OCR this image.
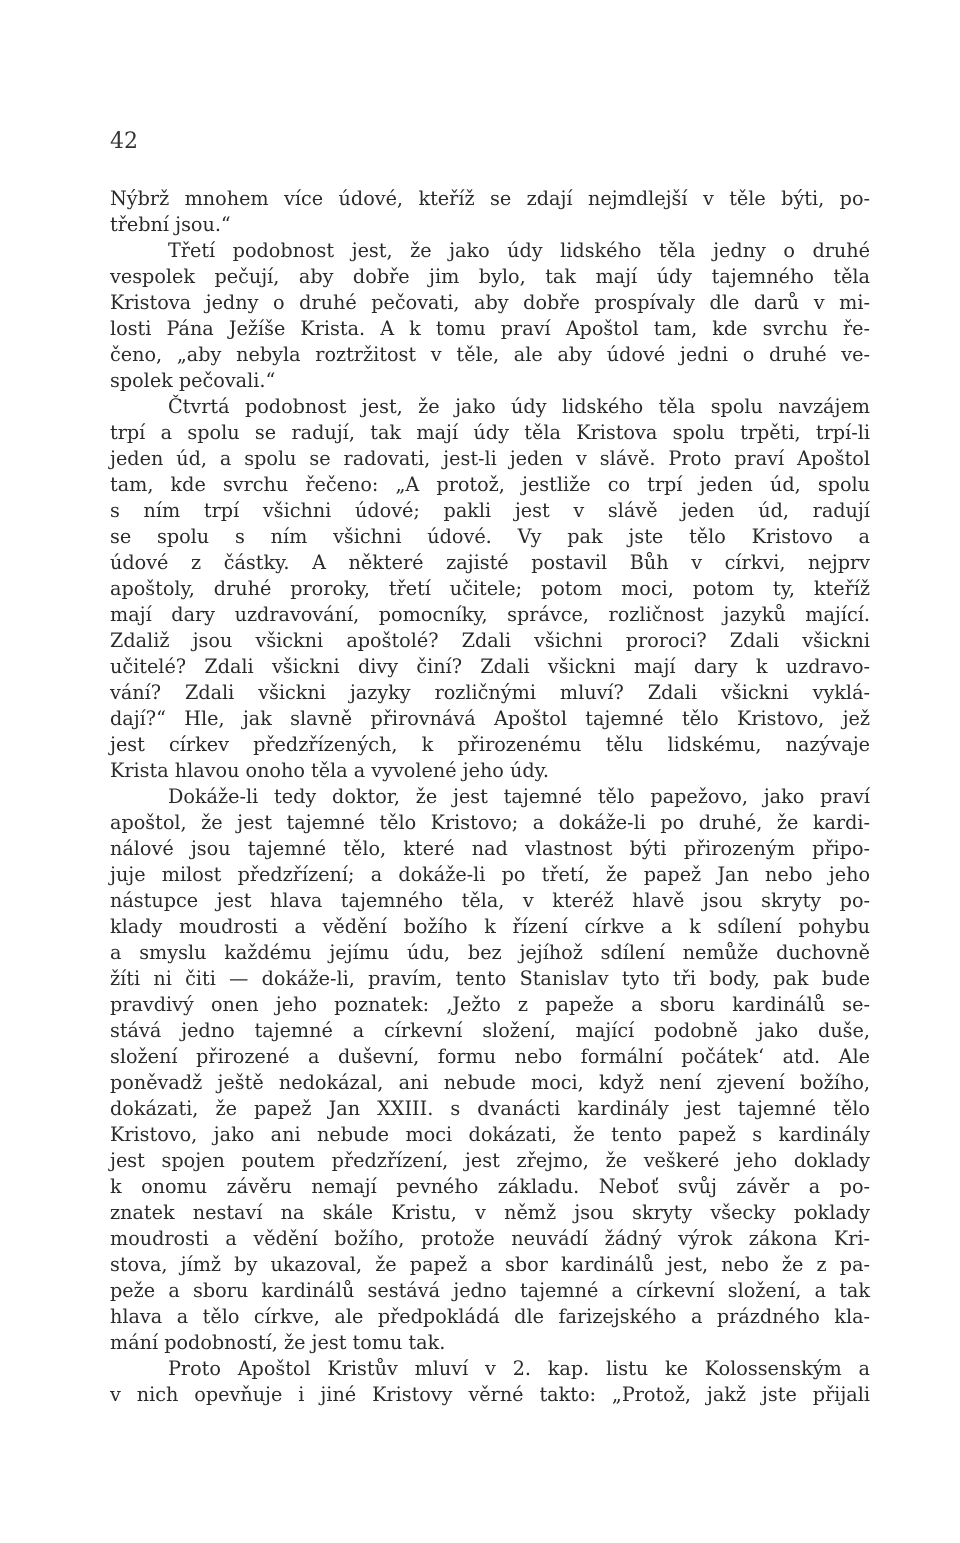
42
Nýbrž mnohem více údové, kteříž se zdají nejmdlejší v těle býti, po-
třební jsou.“
Třetí podobnost jest, že jako údy lidského těla jedny o druhé
vespolek pečují, aby dobře jim bylo, tak mají údy tajemného těla
Kristova jedny o druhé pečovati, aby dobře prospívaly dle darů v mi-
losti Pána Ježíše Krista. A k tomu praví Apoštol tam, kde svrchu ře-
čeno, „aby nebyla roztržitost v těle, ale aby údové jedni o druhé ve-
spolek pečovali.“
Čtvrtá podobnost jest, že jako údy lidského těla spolu navzájem
trpí a spolu se radují, tak mají údy těla Kristova spolu trpěti, trpí-li
jeden úd, a spolu se radovati, jest-li jeden v slávě. Proto praví Apoštol
tam, kde svrchu řečeno: „A protož, jestliže co trpí jeden úd, spolu
s ním trpí všichni údové; pakli jest v slávě jeden úd, radují
se spolu s ním všichni údové. Vy pak jste tělo Kristovo a
údové z částky. A některé zajisté postavil Bůh v církvi, nejprv
apoštoly, druhé proroky, třetí učitele; potom moci, potom ty, kteříž
mají dary uzdravování, pomocníky, správce, rozličnost jazyků mající.
Zdaliž jsou všickni apoštolé? Zdali všichni proroci? Zdali všickni
učitelé? Zdali všickni divy činí? Zdali všickni mají dary k uzdravo-
vání? Zdali všickni jazyky rozličnými mluví? Zdali všickni vyklá-
dají?“ Hle, jak slavně přirovnává Apoštol tajemné tělo Kristovo, jež
jest církev předzřízených, k přirozenému tělu lidskému, nazývaje
Krista hlavou onoho těla a vyvolené jeho údy.
Dokáže-li tedy doktor, že jest tajemné tělo papežovo, jako praví
apoštol, že jest tajemné tělo Kristovo; a dokáže-li po druhé, že kardi-
nálové jsou tajemné tělo, které nad vlastnost býti přirozeným připo-
juje milost předzřízení; a dokáže-li po třetí, že papež Jan nebo jeho
nástupce jest hlava tajemného těla, v kteréž hlavě jsou skryty po-
klady moudrosti a vědění božího k řízení církve a k sdílení pohybu
a smyslu každému jejímu údu, bez jejíhož sdílení nemůže duchovně
žíti ni čiti — dokáže-li, pravím, tento Stanislav tyto tři body, pak bude
pravdivý onen jeho poznatek: ‚Ježto z papeže a sboru kardinálů se-
stává jedno tajemné a církevní složení, mající podobně jako duše,
složení přirozené a duševní, formu nebo formální počátek‘ atd. Ale
poněvadž ještě nedokázal, ani nebude moci, když není zjevení božího,
dokázati, že papež Jan XXIII. s dvanácti kardinály jest tajemné tělo
Kristovo, jako ani nebude moci dokázati, že tento papež s kardinály
jest spojen poutem předzřízení, jest zřejmo, že veškeré jeho doklady
k onomu závěru nemají pevného základu. Neboť svůj závěr a po-
znatek nestaví na skále Kristu, v němž jsou skryty všecky poklady
moudrosti a vědění božího, protože neuvádí žádný výrok zákona Kri-
stova, jímž by ukazoval, že papež a sbor kardinálů jest, nebo že z pa-
peže a sboru kardinálů sestává jedno tajemné a církevní složení, a tak
hlava a tělo církve, ale předpokládá dle farizejského a prázdného kla-
mání podobností, že jest tomu tak.
Proto Apoštol Kristův mluví v 2. kap. listu ke Kolossenským a
v nich opevňuje i jiné Kristovy věrné takto: „Protož, jakž jste přijali
